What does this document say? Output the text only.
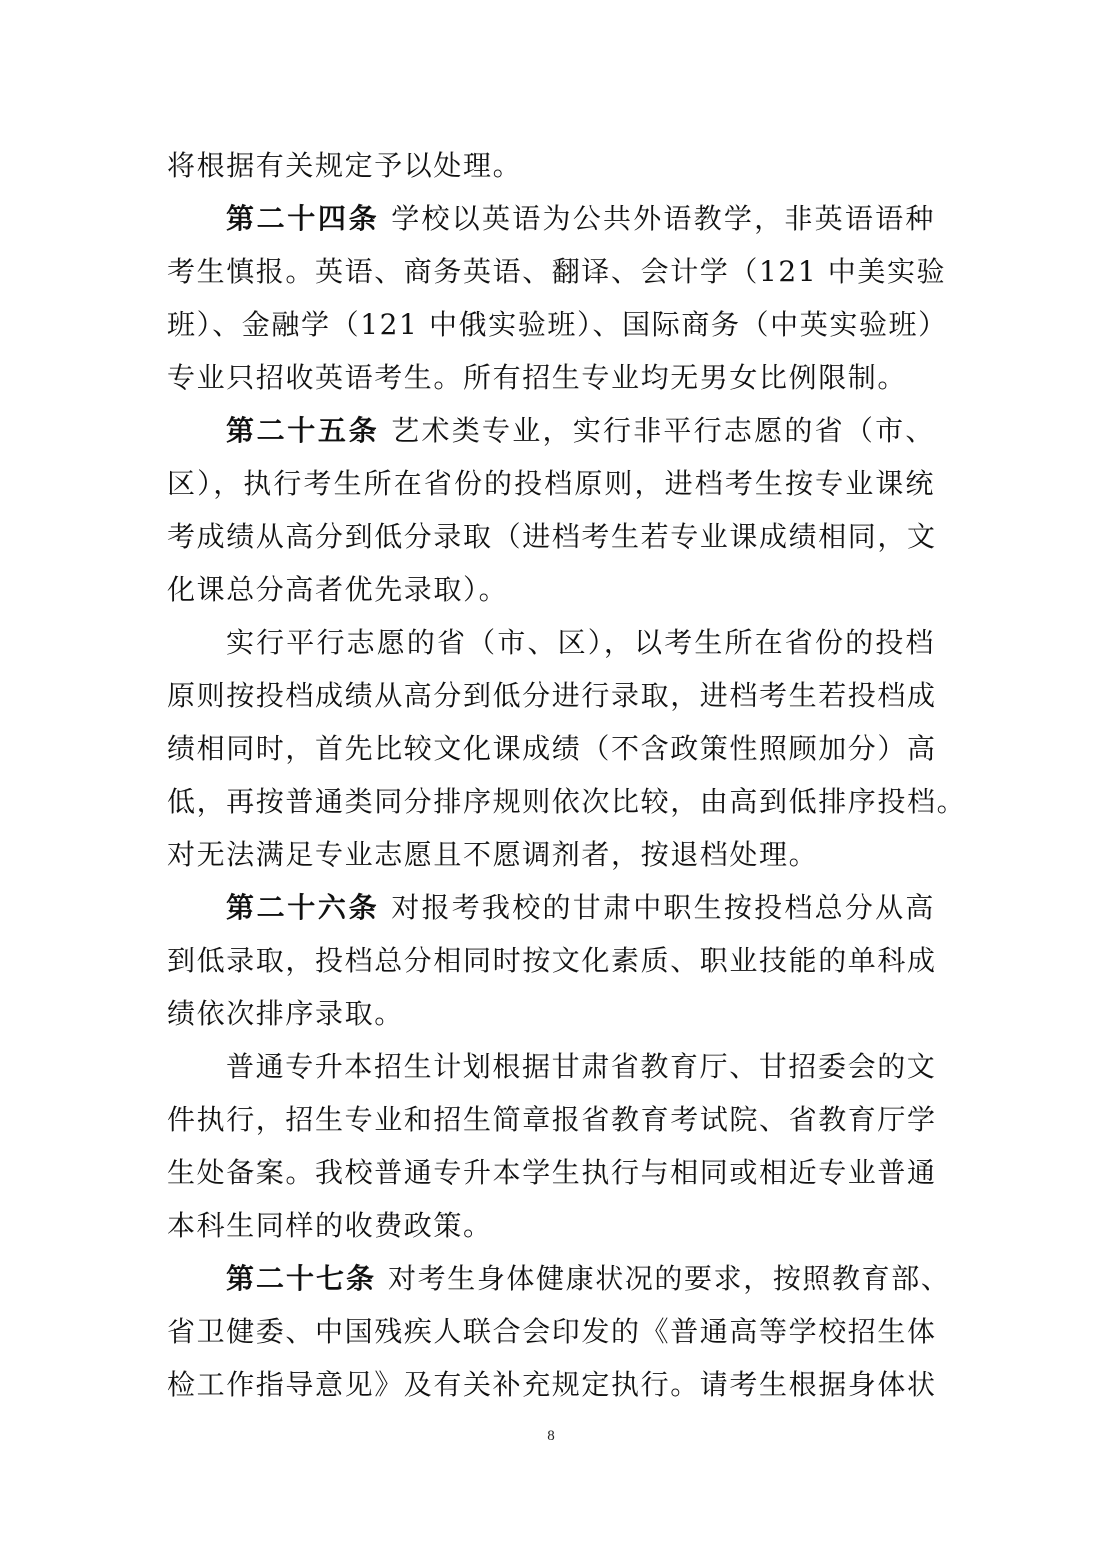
将根据有关规定予以处理。
第二十四条 学校以英语为公共外语教学，非英语语种
考生慎报。英语、商务英语、翻译、会计学（121 中美实验
班）、金融学（121 中俄实验班）、国际商务（中英实验班）
专业只招收英语考生。所有招生专业均无男女比例限制。
第二十五条 艺术类专业，实行非平行志愿的省（市、
区），执行考生所在省份的投档原则，进档考生按专业课统
考成绩从高分到低分录取（进档考生若专业课成绩相同，文
化课总分高者优先录取）。
实行平行志愿的省（市、区），以考生所在省份的投档
原则按投档成绩从高分到低分进行录取，进档考生若投档成
绩相同时，首先比较文化课成绩（不含政策性照顾加分）高
低，再按普通类同分排序规则依次比较，由高到低排序投档。
对无法满足专业志愿且不愿调剂者，按退档处理。
第二十六条 对报考我校的甘肃中职生按投档总分从高
到低录取，投档总分相同时按文化素质、职业技能的单科成
绩依次排序录取。
普通专升本招生计划根据甘肃省教育厅、甘招委会的文
件执行，招生专业和招生简章报省教育考试院、省教育厅学
生处备案。我校普通专升本学生执行与相同或相近专业普通
本科生同样的收费政策。
第二十七条 对考生身体健康状况的要求，按照教育部、
省卫健委、中国残疾人联合会印发的《普通高等学校招生体
检工作指导意见》及有关补充规定执行。请考生根据身体状
8
